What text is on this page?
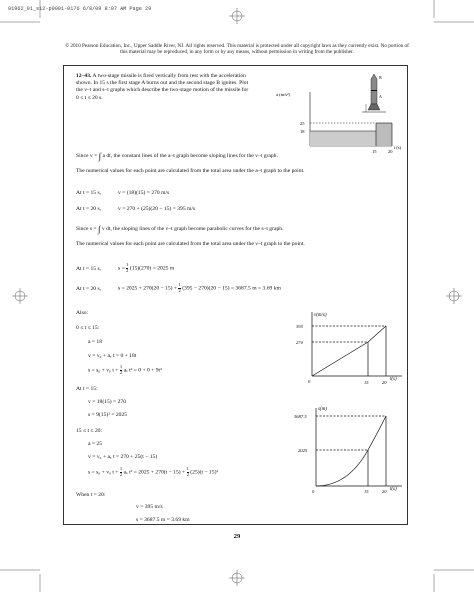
91962_01_s12-p0001-0176 6/8/09 8:07 AM Page 29
© 2010 Pearson Education, Inc., Upper Saddle River, NJ. All rights reserved. This material is protected under all copyright laws as they currently exist. No portion of this material may be reproduced, in any form or by any means, without permission in writing from the publisher.
12–43. A two-stage missile is fired vertically from rest with the acceleration shown. In 15 s the first stage A burns out and the second stage B ignites. Plot the v–t and s–t graphs which describe the two-stage motion of the missile for 0 ≤ t ≤ 20 s.
a (m/s²)
t (s)
25
18
15	20
B
A
Since v = ∫ a dt, the constant lines of the a–t graph become sloping lines for the v–t graph.
The numerical values for each point are calculated from the total area under the a–t graph to the point.
At t = 15 s,	v = (18)(15) = 270 m/s
At t = 20 s,	v = 270 + (25)(20 − 15) = 395 m/s
Since s = ∫ v dt, the sloping lines of the v–t graph become parabolic curves for the s–t graph.
The numerical values for each point are calculated from the total area under the v–t graph to the point.
At t = 15 s,	$s = \frac{1}{2} (15)(270) = 2025$ m
At t = 20 s,	$s = 2025 + 270(20 - 15) + \frac{1}{2} (395 - 270)(20 - 15) = 3687.5$ m = 3.69 km
Also:
0 ≤ t ≤ 15:
a = 18
v = v₀ + aₓ t = 0 + 18t
s = s₀ + v₀ $t + \frac{1}{2}$ aₓ t² = 0 + 0 + 9t²
At t = 15:
v = 18(15) = 270
s = 9(15)² = 2025
15 ≤ t ≤ 20:
a = 25
v = v₀ + aₓ t = 270 + 25(t − 15)
s = s₀ + v₀ $t + \frac{1}{2}$ aₓ $t^2 = 2025 + 270(t - 15) + \frac{1}{2} (25)(t - 15)^2$
When t = 20:
v = 395 m/s
s = 3687.5 m = 3.69 km
v(m/s)
t(s)
395
270
15	20
0
s(m)
t(s)
3687.5
2025
15	20
0
29
